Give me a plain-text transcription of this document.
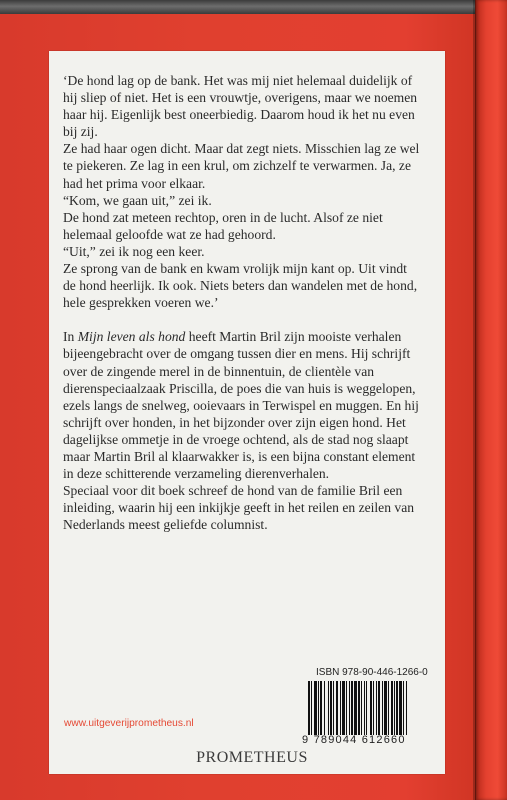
‘De hond lag op de bank. Het was mij niet helemaal duidelijk of

hij sliep of niet. Het is een vrouwtje, overigens, maar we noemen

haar hij. Eigenlijk best oneerbiedig. Daarom houd ik het nu even

bij zij.

Ze had haar ogen dicht. Maar dat zegt niets. Misschien lag ze wel

te piekeren. Ze lag in een krul, om zichzelf te verwarmen. Ja, ze

had het prima voor elkaar.

“Kom, we gaan uit,” zei ik.

De hond zat meteen rechtop, oren in de lucht. Alsof ze niet

helemaal geloofde wat ze had gehoord.

“Uit,” zei ik nog een keer.

Ze sprong van de bank en kwam vrolijk mijn kant op. Uit vindt

de hond heerlijk. Ik ook. Niets beters dan wandelen met de hond,

hele gesprekken voeren we.’

In Mijn leven als hond heeft Martin Bril zijn mooiste verhalen

bijeengebracht over de omgang tussen dier en mens. Hij schrijft

over de zingende merel in de binnentuin, de clientèle van

dierenspeciaalzaak Priscilla, de poes die van huis is weggelopen,

ezels langs de snelweg, ooievaars in Terwispel en muggen. En hij

schrijft over honden, in het bijzonder over zijn eigen hond. Het

dagelijkse ommetje in de vroege ochtend, als de stad nog slaapt

maar Martin Bril al klaarwakker is, is een bijna constant element

in deze schitterende verzameling dierenverhalen.

Speciaal voor dit boek schreef de hond van de familie Bril een

inleiding, waarin hij een inkijkje geeft in het reilen en zeilen van

Nederlands meest geliefde columnist.

ISBN 978-90-446-1266-0
9 789044 612660
www.uitgeverijprometheus.nl
PROMETHEUS
